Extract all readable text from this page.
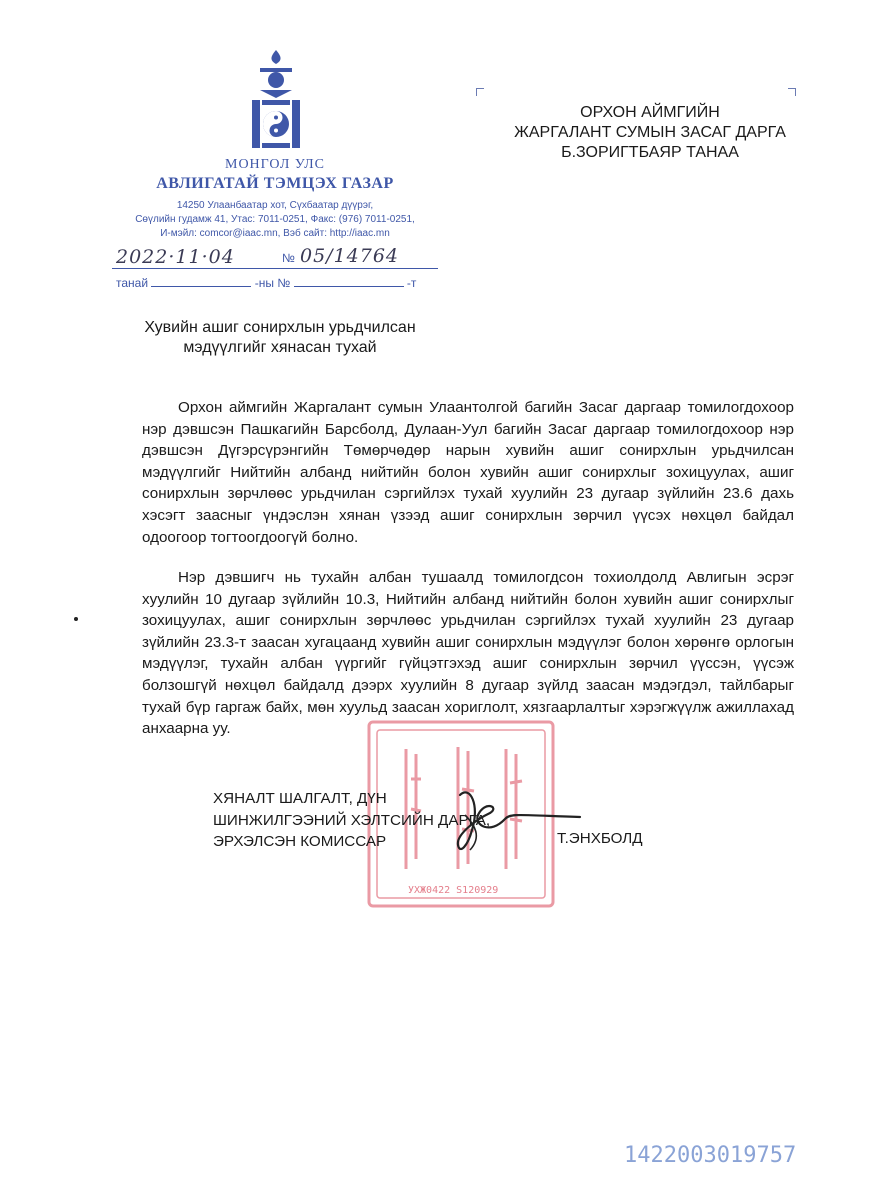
МОНГОЛ УЛС
АВЛИГАТАЙ ТЭМЦЭХ ГАЗАР
14250 Улаанбаатар хот, Сүхбаатар дүүрэг,
Сөүлийн гудамж 41, Утас: 7011-0251, Факс: (976) 7011-0251,
И-мэйл: comcor@iaac.mn, Вэб сайт: http://iaac.mn
2022·11·04	№ 05/14764
танай	-ны №	-т
ОРХОН АЙМГИЙН
ЖАРГАЛАНТ СУМЫН ЗАСАГ ДАРГА
Б.ЗОРИГТБАЯР ТАНАА
Хувийн ашиг сонирхлын урьдчилсан
мэдүүлгийг хянасан тухай
Орхон аймгийн Жаргалант сумын Улаантолгой багийн Засаг даргаар томилогдохоор нэр дэвшсэн Пашкагийн Барсболд, Дулаан-Уул багийн Засаг даргаар томилогдохоор нэр дэвшсэн Дүгэрсүрэнгийн Төмөрчөдөр нарын хувийн ашиг сонирхлын урьдчилсан мэдүүлгийг Нийтийн албанд нийтийн болон хувийн ашиг сонирхлыг зохицуулах, ашиг сонирхлын зөрчлөөс урьдчилан сэргийлэх тухай хуулийн 23 дугаар зүйлийн 23.6 дахь хэсэгт заасныг үндэслэн хянан үзээд ашиг сонирхлын зөрчил үүсэх нөхцөл байдал одоогоор тогтоогдоогүй болно.
Нэр дэвшигч нь тухайн албан тушаалд томилогдсон тохиолдолд Авлигын эсрэг хуулийн 10 дугаар зүйлийн 10.3, Нийтийн албанд нийтийн болон хувийн ашиг сонирхлыг зохицуулах, ашиг сонирхлын зөрчлөөс урьдчилан сэргийлэх тухай хуулийн 23 дугаар зүйлийн 23.3-т заасан хугацаанд хувийн ашиг сонирхлын мэдүүлэг болон хөрөнгө орлогын мэдүүлэг, тухайн албан үүргийг гүйцэтгэхэд ашиг сонирхлын зөрчил үүссэн, үүсэж болзошгүй нөхцөл байдалд дээрх хуулийн 8 дугаар зүйлд заасан мэдэгдэл, тайлбарыг тухай бүр гаргаж байх, мөн хуульд заасан хориглолт, хязгаарлалтыг хэрэгжүүлж ажиллахад анхаарна уу.
УХЖ0422 S120929
ХЯНАЛТ ШАЛГАЛТ, ДҮН
ШИНЖИЛГЭЭНИЙ ХЭЛТСИЙН ДАРГА,
ЭРХЭЛСЭН КОМИССАР	Т.ЭНХБОЛД
1422003019757
